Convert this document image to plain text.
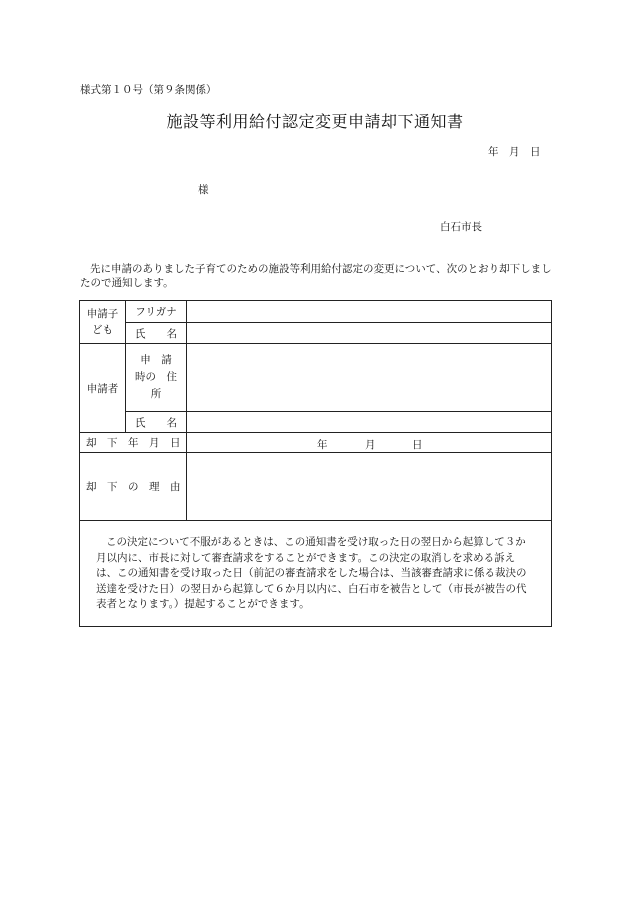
様式第１０号（第９条関係）
施設等利用給付認定変更申請却下通知書
年　月　日
様
白石市長
先に申請のありました子育てのための施設等利用給付認定の変更について、次のとおり却下しましたので通知します。
申請子ども	フリガナ	
	氏　　名	
申請者	申　請　時の　住　所	

	氏　　名	
却　下　年　月　日		年 月 日

却　下　の　理　由		

この決定について不服があるときは、この通知書を受け取った日の翌日から起算して３か月以内に、市長に対して審査請求をすることができます。この決定の取消しを求める訴えは、この通知書を受け取った日（前記の審査請求をした場合は、当該審査請求に係る裁決の送達を受けた日）の翌日から起算して６か月以内に、白石市を被告として（市長が被告の代表者となります。）提起することができます。		
